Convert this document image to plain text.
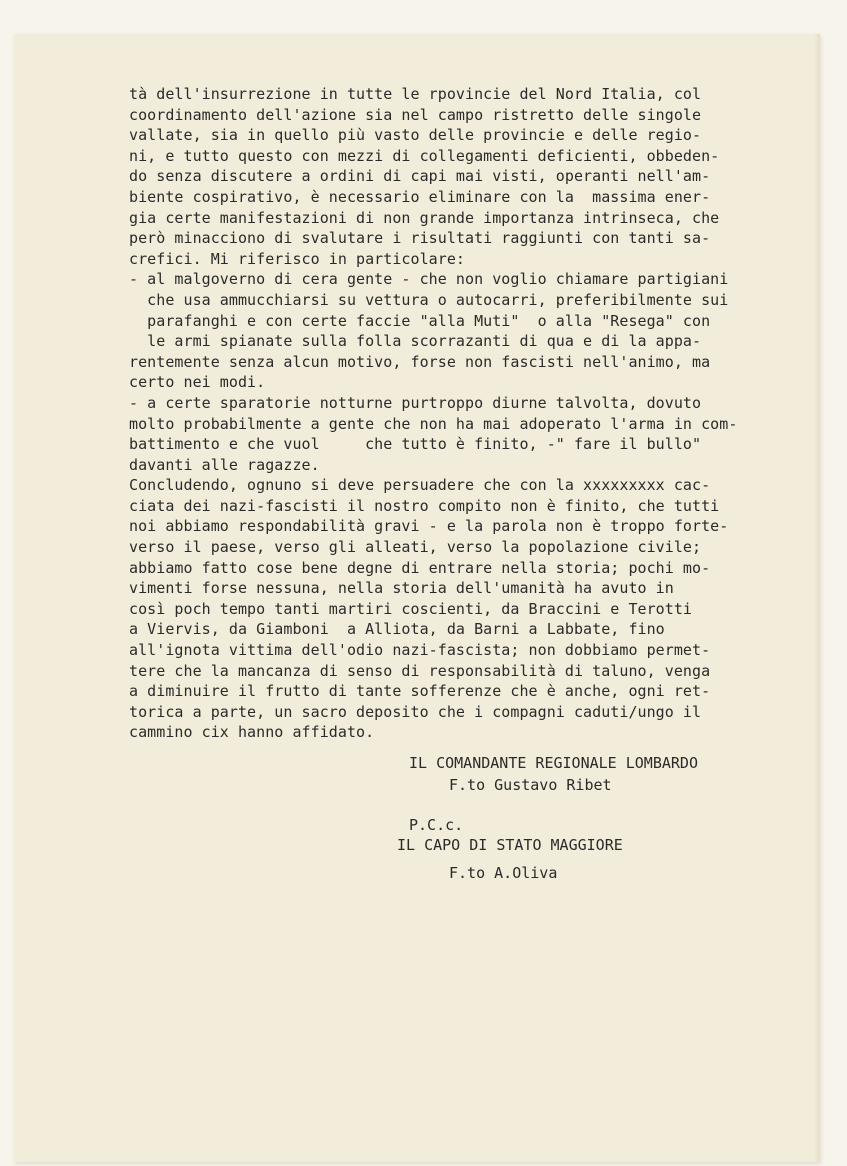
tà dell'insurrezione in tutte le rpovincie del Nord Italia, col
coordinamento dell'azione sia nel campo ristretto delle singole
vallate, sia in quello più vasto delle provincie e delle regio-
ni, e tutto questo con mezzi di collegamenti deficienti, obbeden-
do senza discutere a ordini di capi mai visti, operanti nell'am-
biente cospirativo, è necessario eliminare con la  massima ener-
gia certe manifestazioni di non grande importanza intrinseca, che
però minacciono di svalutare i risultati raggiunti con tanti sa-
crefici. Mi riferisco in particolare:
- al malgoverno di cera gente - che non voglio chiamare partigiani
che usa ammucchiarsi su vettura o autocarri, preferibilmente sui
parafanghi e con certe faccie "alla Muti"  o alla "Resega" con
le armi spianate sulla folla scorrazanti di qua e di la appa-
rentemente senza alcun motivo, forse non fascisti nell'animo, ma
certo nei modi.
- a certe sparatorie notturne purtroppo diurne talvolta, dovuto
molto probabilmente a gente che non ha mai adoperato l'arma in com-
battimento e che vuol     che tutto è finito, -" fare il bullo"
davanti alle ragazze.
Concludendo, ognuno si deve persuadere che con la xxxxxxxxx cac-
ciata dei nazi-fascisti il nostro compito non è finito, che tutti
noi abbiamo respondabilità gravi - e la parola non è troppo forte-
verso il paese, verso gli alleati, verso la popolazione civile;
abbiamo fatto cose bene degne di entrare nella storia; pochi mo-
vimenti forse nessuna, nella storia dell'umanità ha avuto in
così poch tempo tanti martiri coscienti, da Braccini e Terotti
a Viervis, da Giamboni  a Alliota, da Barni a Labbate, fino
all'ignota vittima dell'odio nazi-fascista; non dobbiamo permet-
tere che la mancanza di senso di responsabilità di taluno, venga
a diminuire il frutto di tante sofferenze che è anche, ogni ret-
torica a parte, un sacro deposito che i compagni caduti/ungo il
cammino cix hanno affidato.
IL COMANDANTE REGIONALE LOMBARDO
F.to Gustavo Ribet
P.C.c.
IL CAPO DI STATO MAGGIORE
F.to A.Oliva
